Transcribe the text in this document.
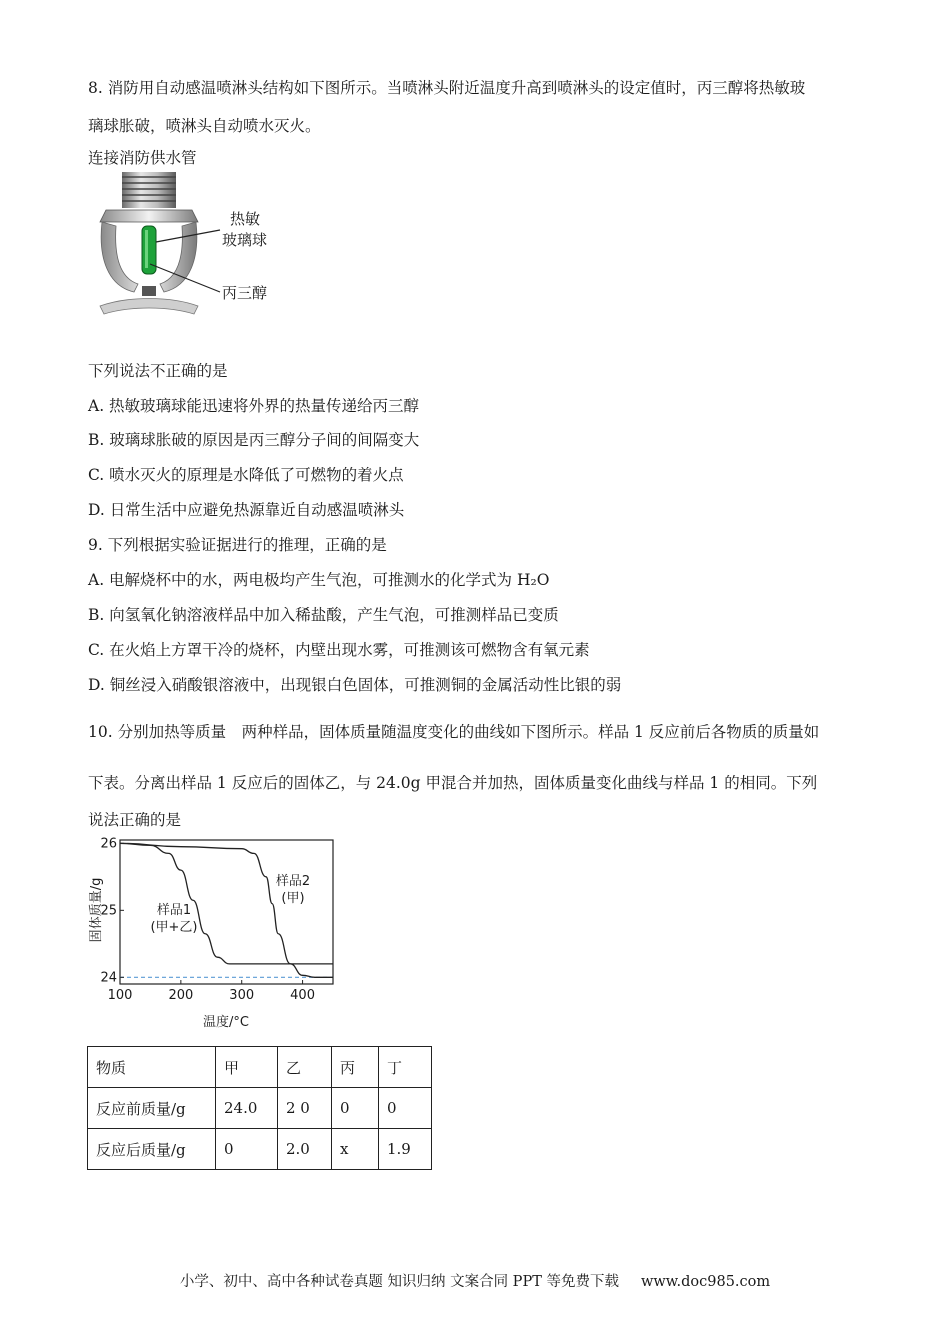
8. 消防用自动感温喷淋头结构如下图所示。当喷淋头附近温度升高到喷淋头的设定值时，丙三醇将热敏玻
璃球胀破，喷淋头自动喷水灭火。
连接消防供水管
热敏
玻璃球
丙三醇
下列说法不正确的是
A. 热敏玻璃球能迅速将外界的热量传递给丙三醇
B. 玻璃球胀破的原因是丙三醇分子间的间隔变大
C. 喷水灭火的原理是水降低了可燃物的着火点
D. 日常生活中应避免热源靠近自动感温喷淋头
9. 下列根据实验证据进行的推理，正确的是
A. 电解烧杯中的水，两电极均产生气泡，可推测水的化学式为 H₂O
B. 向氢氧化钠溶液样品中加入稀盐酸，产生气泡，可推测样品已变质
C. 在火焰上方罩干冷的烧杯，内壁出现水雾，可推测该可燃物含有氧元素
D. 铜丝浸入硝酸银溶液中，出现银白色固体，可推测铜的金属活动性比银的弱
10. 分别加热等质量　两种样品，固体质量随温度变化的曲线如下图所示。样品 1 反应前后各物质的质量如
下表。分离出样品 1 反应后的固体乙，与 24.0g 甲混合并加热，固体质量变化曲线与样品 1 的相同。下列
说法正确的是
100	200	300	400
24
25
26
温度/°C
固体质量/g	样品1
(甲+乙)
样品2
(甲)
物质	甲	乙	丙	丁
反应前质量/g	24.0	2 0	0	0
反应后质量/g	0	2.0	x	1.9
小学、初中、高中各种试卷真题 知识归纳 文案合同 PPT 等免费下载 www.doc985.com
